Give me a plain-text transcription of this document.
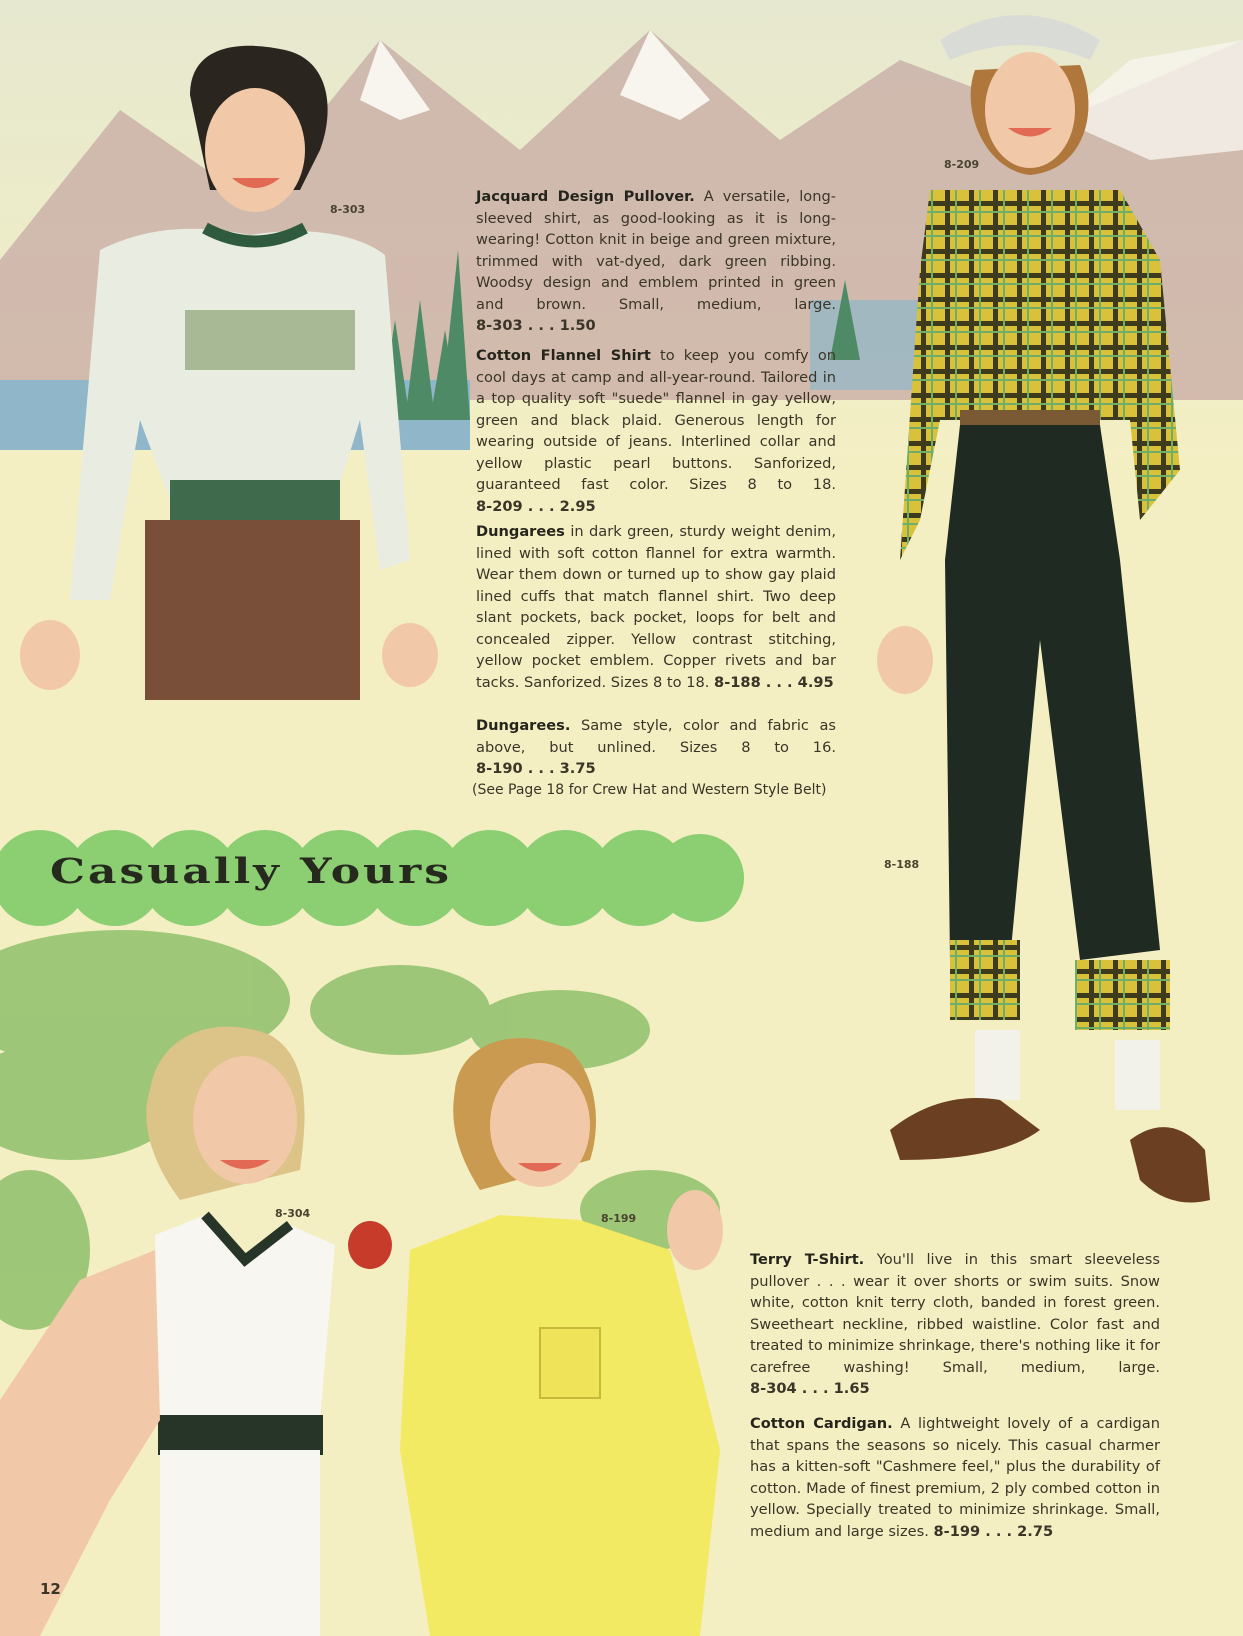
8-303
8-209
8-188
8-304	8-199
Jacquard Design Pullover. A versatile, long-sleeved shirt, as good-looking as it is long-wearing! Cotton knit in beige and green mixture, trimmed with vat-dyed, dark green ribbing. Woodsy design and emblem printed in green and brown. Small, medium, large. 8-303 . . . 1.50
Cotton Flannel Shirt to keep you comfy on cool days at camp and all-year-round. Tailored in a top quality soft "suede" flannel in gay yellow, green and black plaid. Generous length for wearing outside of jeans. Interlined collar and yellow plastic pearl buttons. Sanforized, guaranteed fast color. Sizes 8 to 18. 8-209 . . . 2.95
Dungarees in dark green, sturdy weight denim, lined with soft cotton flannel for extra warmth. Wear them down or turned up to show gay plaid lined cuffs that match flannel shirt. Two deep slant pockets, back pocket, loops for belt and concealed zipper. Yellow contrast stitching, yellow pocket emblem. Copper rivets and bar tacks. Sanforized. Sizes 8 to 18. 8-188 . . . 4.95
Dungarees. Same style, color and fabric as above, but unlined. Sizes 8 to 16. 8-190 . . . 3.75
(See Page 18 for Crew Hat and Western Style Belt)
Casually Yours
Terry T-Shirt. You'll live in this smart sleeveless pullover . . . wear it over shorts or swim suits. Snow white, cotton knit terry cloth, banded in forest green. Sweetheart neckline, ribbed waistline. Color fast and treated to minimize shrinkage, there's nothing like it for carefree washing! Small, medium, large. 8-304 . . . 1.65
Cotton Cardigan. A lightweight lovely of a cardigan that spans the seasons so nicely. This casual charmer has a kitten-soft "Cashmere feel," plus the durability of cotton. Made of finest premium, 2 ply combed cotton in yellow. Specially treated to minimize shrinkage. Small, medium and large sizes. 8-199 . . . 2.75
12
